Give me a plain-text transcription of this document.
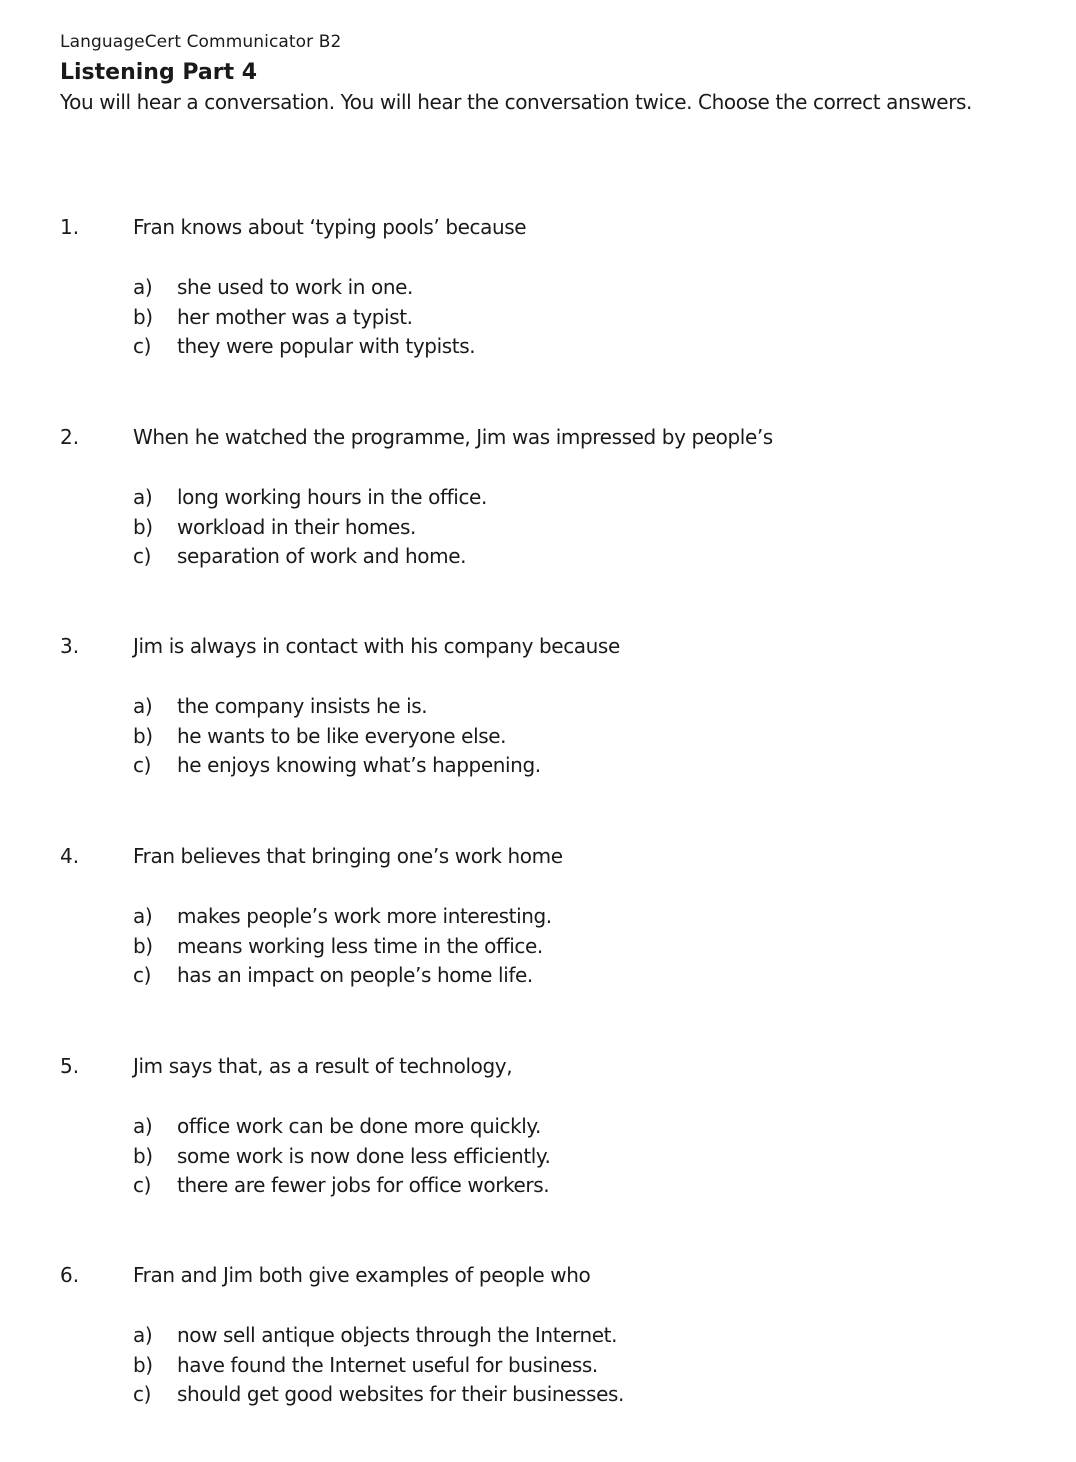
LanguageCert Communicator B2
Listening Part 4
You will hear a conversation. You will hear the conversation twice. Choose the correct answers.
1.	Fran knows about ‘typing pools’ because
a) she used to work in one.
b) her mother was a typist.
c) they were popular with typists.
2.	When he watched the programme, Jim was impressed by people’s
a) long working hours in the office.
b) workload in their homes.
c) separation of work and home.
3.	Jim is always in contact with his company because
a) the company insists he is.
b) he wants to be like everyone else.
c) he enjoys knowing what’s happening.
4.	Fran believes that bringing one’s work home
a) makes people’s work more interesting.
b) means working less time in the office.
c) has an impact on people’s home life.
5.	Jim says that, as a result of technology,
a) office work can be done more quickly.
b) some work is now done less efficiently.
c) there are fewer jobs for office workers.
6.	Fran and Jim both give examples of people who
a) now sell antique objects through the Internet.
b) have found the Internet useful for business.
c) should get good websites for their businesses.
